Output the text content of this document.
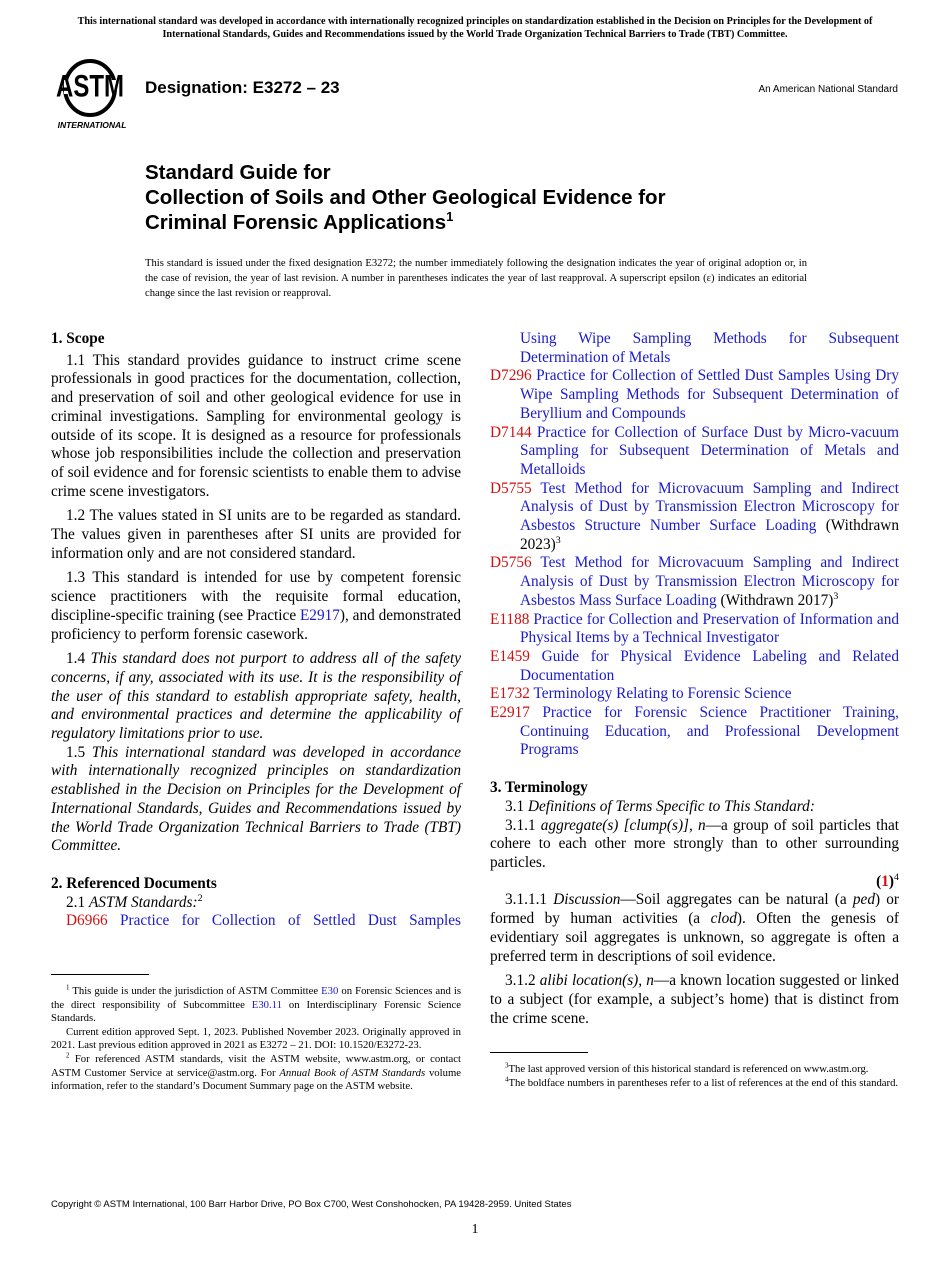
This international standard was developed in accordance with internationally recognized principles on standardization established in the Decision on Principles for the Development of International Standards, Guides and Recommendations issued by the World Trade Organization Technical Barriers to Trade (TBT) Committee.
ASTM
INTERNATIONAL
Designation: E3272 – 23	An American National Standard
Standard Guide for
Collection of Soils and Other Geological Evidence for
Criminal Forensic Applications$^1$
This standard is issued under the fixed designation E3272; the number immediately following the designation indicates the year of original adoption or, in the case of revision, the year of last revision. A number in parentheses indicates the year of last reapproval. A superscript epsilon (ε) indicates an editorial change since the last revision or reapproval.
1. Scope

1.1 This standard provides guidance to instruct crime scene professionals in good practices for the documentation, collection, and preservation of soil and other geological evidence for use in criminal investigations. Sampling for environmental geology is outside of its scope. It is designed as a resource for professionals whose job responsibilities include the collection and preservation of soil evidence and for forensic scientists to enable them to advise crime scene investigators.

1.2 The values stated in SI units are to be regarded as standard. The values given in parentheses after SI units are provided for information only and are not considered standard.

1.3 This standard is intended for use by competent forensic science practitioners with the requisite formal education, discipline-specific training (see Practice E2917), and demonstrated proficiency to perform forensic casework.

1.4 This standard does not purport to address all of the safety concerns, if any, associated with its use. It is the responsibility of the user of this standard to establish appropriate safety, health, and environmental practices and determine the applicability of regulatory limitations prior to use.

1.5 This international standard was developed in accordance with internationally recognized principles on standardization established in the Decision on Principles for the Development of International Standards, Guides and Recommendations issued by the World Trade Organization Technical Barriers to Trade (TBT) Committee.

2. Referenced Documents

2.1 ASTM Standards:$^2$

D6966 Practice for Collection of Settled Dust Samples

$^1$ This guide is under the jurisdiction of ASTM Committee E30 on Forensic Sciences and is the direct responsibility of Subcommittee E30.11 on Interdisciplinary Forensic Science Standards.

Current edition approved Sept. 1, 2023. Published November 2023. Originally approved in 2021. Last previous edition approved in 2021 as E3272 – 21. DOI: 10.1520/E3272-23.

$^2$ For referenced ASTM standards, visit the ASTM website, www.astm.org, or contact ASTM Customer Service at service@astm.org. For Annual Book of ASTM Standards volume information, refer to the standard’s Document Summary page on the ASTM website.

Using Wipe Sampling Methods for Subsequent Determination of Metals

D7296 Practice for Collection of Settled Dust Samples Using Dry Wipe Sampling Methods for Subsequent Determination of Beryllium and Compounds

D7144 Practice for Collection of Surface Dust by Micro-vacuum Sampling for Subsequent Determination of Metals and Metalloids

D5755 Test Method for Microvacuum Sampling and Indirect Analysis of Dust by Transmission Electron Microscopy for Asbestos Structure Number Surface Loading (Withdrawn 2023)$^3$

D5756 Test Method for Microvacuum Sampling and Indirect Analysis of Dust by Transmission Electron Microscopy for Asbestos Mass Surface Loading (Withdrawn 2017)$^3$

E1188 Practice for Collection and Preservation of Information and Physical Items by a Technical Investigator

E1459 Guide for Physical Evidence Labeling and Related Documentation

E1732 Terminology Relating to Forensic Science

E2917 Practice for Forensic Science Practitioner Training, Continuing Education, and Professional Development Programs

3. Terminology

3.1 Definitions of Terms Specific to This Standard:

3.1.1 aggregate(s) [clump(s)], n—a group of soil particles that cohere to each other more strongly than to other surrounding particles.

$(1)^4$

3.1.1.1 Discussion—Soil aggregates can be natural (a ped) or formed by human activities (a clod). Often the genesis of evidentiary soil aggregates is unknown, so aggregate is often a preferred term in descriptions of soil evidence.

3.1.2 alibi location(s), n—a known location suggested or linked to a subject (for example, a subject’s home) that is distinct from the crime scene.

$^3$The last approved version of this historical standard is referenced on www.astm.org.

$^4$The boldface numbers in parentheses refer to a list of references at the end of this standard.

Copyright © ASTM International, 100 Barr Harbor Drive, PO Box C700, West Conshohocken, PA 19428-2959. United States
1
